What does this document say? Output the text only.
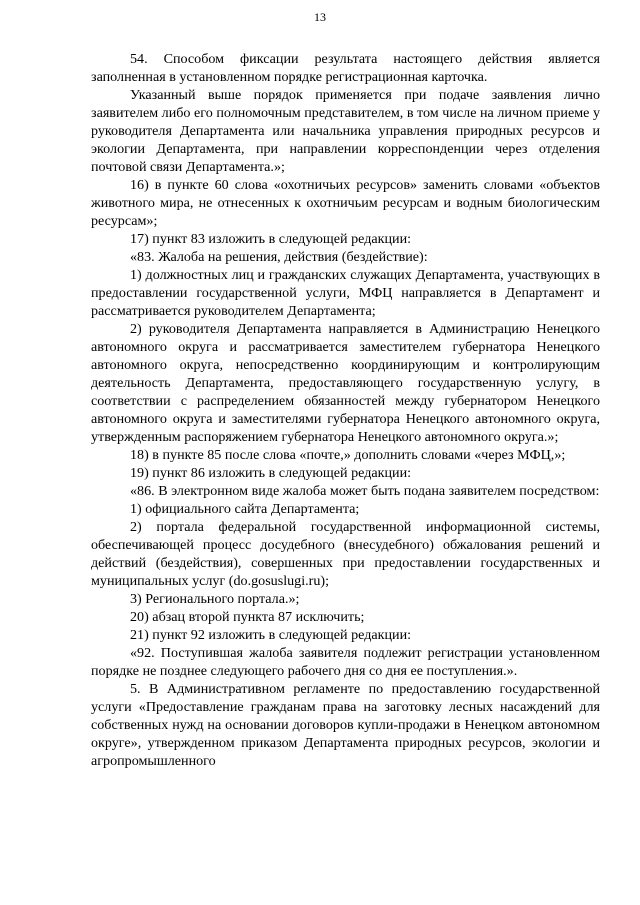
13

54. Способом фиксации результата настоящего действия является заполненная в установленном порядке регистрационная карточка.

Указанный выше порядок применяется при подаче заявления лично заявителем либо его полномочным представителем, в том числе на личном приеме у руководителя Департамента или начальника управления природных ресурсов и экологии Департамента, при направлении корреспонденции через отделения почтовой связи Департамента.»;

16) в пункте 60 слова «охотничьих ресурсов» заменить словами «объектов животного мира, не отнесенных к охотничьим ресурсам и водным биологическим ресурсам»;

17) пункт 83 изложить в следующей редакции:

«83. Жалоба на решения, действия (бездействие):

1) должностных лиц и гражданских служащих Департамента, участвующих в предоставлении государственной услуги, МФЦ направляется в Департамент и рассматривается руководителем Департамента;

2) руководителя Департамента направляется в Администрацию Ненецкого автономного округа и рассматривается заместителем губернатора Ненецкого автономного округа, непосредственно координирующим и контролирующим деятельность Департамента, предоставляющего государственную услугу, в соответствии с распределением обязанностей между губернатором Ненецкого автономного округа и заместителями губернатора Ненецкого автономного округа, утвержденным распоряжением губернатора Ненецкого автономного округа.»;

18) в пункте 85 после слова «почте,» дополнить словами «через МФЦ,»;

19) пункт 86 изложить в следующей редакции:

«86. В электронном виде жалоба может быть подана заявителем посредством:

1) официального сайта Департамента;

2) портала федеральной государственной информационной системы, обеспечивающей процесс досудебного (внесудебного) обжалования решений и действий (бездействия), совершенных при предоставлении государственных и муниципальных услуг (do.gosuslugi.ru);

3) Регионального портала.»;

20) абзац второй пункта 87 исключить;

21) пункт 92 изложить в следующей редакции:

«92. Поступившая жалоба заявителя подлежит регистрации установленном порядке не позднее следующего рабочего дня со дня ее поступления.».

5. В Административном регламенте по предоставлению государственной услуги «Предоставление гражданам права на заготовку лесных насаждений для собственных нужд на основании договоров купли-продажи в Ненецком автономном округе», утвержденном приказом Департамента природных ресурсов, экологии и агропромышленного
